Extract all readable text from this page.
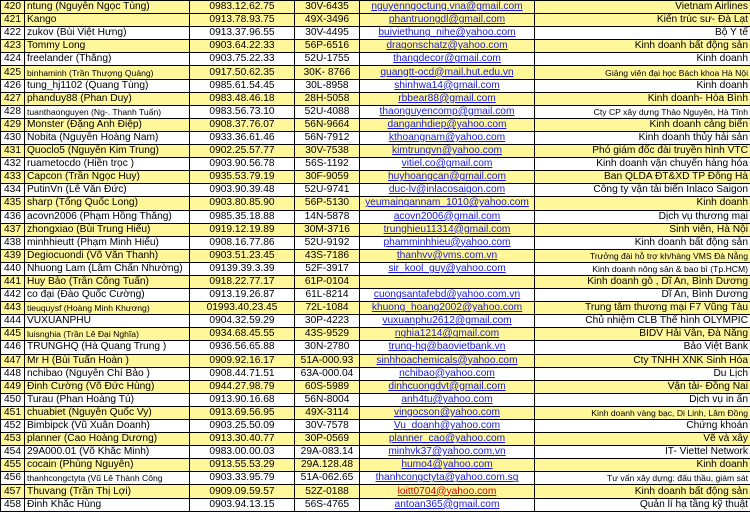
420	ntung (Nguyễn Ngọc Tùng)	0983.12.62.75	30V-6435	nguyenngoctung.vna@gmail.com	Vietnam Airlines
421	Kango	0913.78.93.75	49X-3496	phantruongdl@gmail.com	Kiến trúc sư- Đà Lạt
422	zukov (Bùi Việt Hưng)	0913.37.96.55	30V-4495	buiviethung_nihe@yahoo.com	Bộ Y tế
423	Tommy Long	0903.64.22.33	56P-6516	dragonschatz@yahoo.com	Kinh doanh bất động sản
424	freelander (Thắng)	0903.75.22.33	52U-1755	thangdecor@gmail.com	Kinh doanh
425	binhaminh (Trần Thượng Quảng)	0917.50.62.35	30K- 8766	quangtt-ocd@mail.hut.edu.vn	Giảng viên đại học Bách khoa Hà Nội
426	tung_hj1102 (Quang Tùng)	0985.61.54.45	30L-8958	shinhwa14@gmail.com	Kinh doanh
427	phanduy88 (Phan Duy)	0983.48.46.18	28H-5058	rbbear88@gmail.com	Kinh doanh- Hòa Bình
428	tuanthaonguyen (Ng-. Thanh Tuấn)	0983.56.73.10	52U-4088	thaonguyencomp@gmail.com	Cty CP xây dựng Thảo Nguyên, Hà Tĩnh
429	Monster (Đặng Anh Điệp)	0908.37.76.07	56N-9664	danganhdiep@yahoo.com	Kinh doanh cảng biển
430	Nobita (Nguyễn Hoàng Nam)	0933.36.61.46	56N-7912	kthoangnam@yahoo.com	Kinh doanh thủy hải sản
431	Quoclo5 (Nguyễn Kim Trung)	0902.25.57.77	30V-7538	kimtrungvn@yahoo.com	Phó giám đốc đài truyền hình VTC
432	ruametocdo (Hiền trọc )	0903.90.56.78	56S-1192	vitiel.co@gmail.com	Kinh doanh vận chuyển hàng hóa
433	Capcon (Trần Ngọc Huy)	0935.53.79.19	30F-9059	huyhoangcan@gmail.com	Ban QLDA ĐT&XD TP Đông Hà
434	PutinVn (Lê Văn Đức)	0903.90.39.48	52U-9741	duc-lv@inlacosaigon.com	Công ty vận tải biển Inlaco Saigon
435	sharp (Tống Quốc Long)	0903.80.85.90	56P-5130	yeumaingannam_1010@yahoo.com	Kinh doanh
436	acovn2006 (Phạm Hồng Thắng)	0985.35.18.88	14N-5878	acovn2006@gmail.com	Dịch vụ thương mại
437	zhongxiao (Bùi Trung Hiếu)	0919.12.19.89	30M-3716	trunghieu11314@gmail.com	Sinh viên, Hà Nội
438	minhhieutt (Phạm Minh Hiếu)	0908.16.77.86	52U-9192	phamminhhieu@yahoo.com	Kinh doanh bất động sản
439	Degiocuondi (Võ Văn Thanh)	0903.51.23.45	43S-7186	thanhvv@vms.com.vn	Trưởng đài hỗ trợ kh/hàng VMS Đà Nẵng
440	Nhuong Lam (Lâm Chấn Nhường)	09139.39.3.39	52F-3917	sir_kool_guy@yahoo.com	Kinh doanh nông sản & bao bì (Tp.HCM)
441	Huy Bảo (Trần Công Tuấn)	0918.22.77.17	61P-0104		Kinh doanh gỗ , Dĩ An, Bình Dương
442	co đại (Đào Quốc Cường)	0913.19.26.87	61L-8214	cuongsantafebd@yahoo.com.vn	Dĩ An, Bình Dương
443	tieuquysf (Hoàng Minh Khương)	01993.40.23.45	72L-1084	khuong_hoang2002@yahoo.com	Trung tâm thương mại F7 Vũng Tàu
444	VUXUANPHU	0904.32.59.29	30P-4223	vuxuanphu2612@gmail.com	Chủ nhiệm CLB Thể hình OLYMPIC
445	luisnghia (Trần Lê Đại Nghĩa)	0934.68.45.55	43S-9529	nghia1214@gmail.com	BIDV Hải Vân, Đà Nẵng
446	TRUNGHQ (Hà Quang Trung )	0936.56.65.88	30N-2780	trung-hq@baovietbank.vn	Bảo Việt Bank
447	Mr H (Bùi Tuấn Hoàn )	0909.92.16.17	51A-000.93	sinhhoachemicals@yahoo.com	Cty TNHH XNK Sinh Hóa
448	nchibao (Nguyễn Chí Bảo )	0908.44.71.51	63A-000.04	nchibao@yahoo.com	Du Lịch
449	Đinh Cường (Võ Đức Hùng)	0944.27.98.79	60S-5989	dinhcuongdvt@gmail.com	Vận tải- Đồng Nai
450	Turau (Phan Hoàng Tú)	0913.90.16.68	56N-8004	anh4tu@yahoo.com	Dịch vụ in ấn
451	chuabiet (Nguyễn Quốc Vy)	0913.69.56.95	49X-3114	vingocson@yahoo.com	Kinh doanh vàng bạc, Di Linh, Lâm Đồng
452	Bimbipck (Vũ Xuân Doanh)	0903.25.50.09	30V-7578	Vu_doanh@yahoo.com	Chứng khoán
453	planner (Cao Hoàng Dương)	0913.30.40.77	30P-0569	planner_cao@yahoo.com	Vẽ và xây
454	29A000.01 (Võ Khắc Minh)	0983.00.00.03	29A-083.14	minhvk37@yahoo.com.vn	IT- Viettel Network
455	cocain (Phùng Nguyên)	0913.55.53.29	29A.128.48	humo4@yahoo.com	Kinh doanh
456	thanhcongctyta (Vũ Lê Thành Công	0903.33.95.79	51A-062.65	thanhcongctyta@yahoo.com.sg	Tư vấn xây dựng: đấu thầu, giám sát
457	Thuvang (Trần Thị Lợi)	0909.09.59.57	52Z-0188	loitt0704@yahoo.com	Kinh doanh bất động sản
458	Đinh Khắc Hùng	0903.94.13.15	56S-4765	antoan365@gmail.com	Quản lí hạ tầng kỹ thuật
